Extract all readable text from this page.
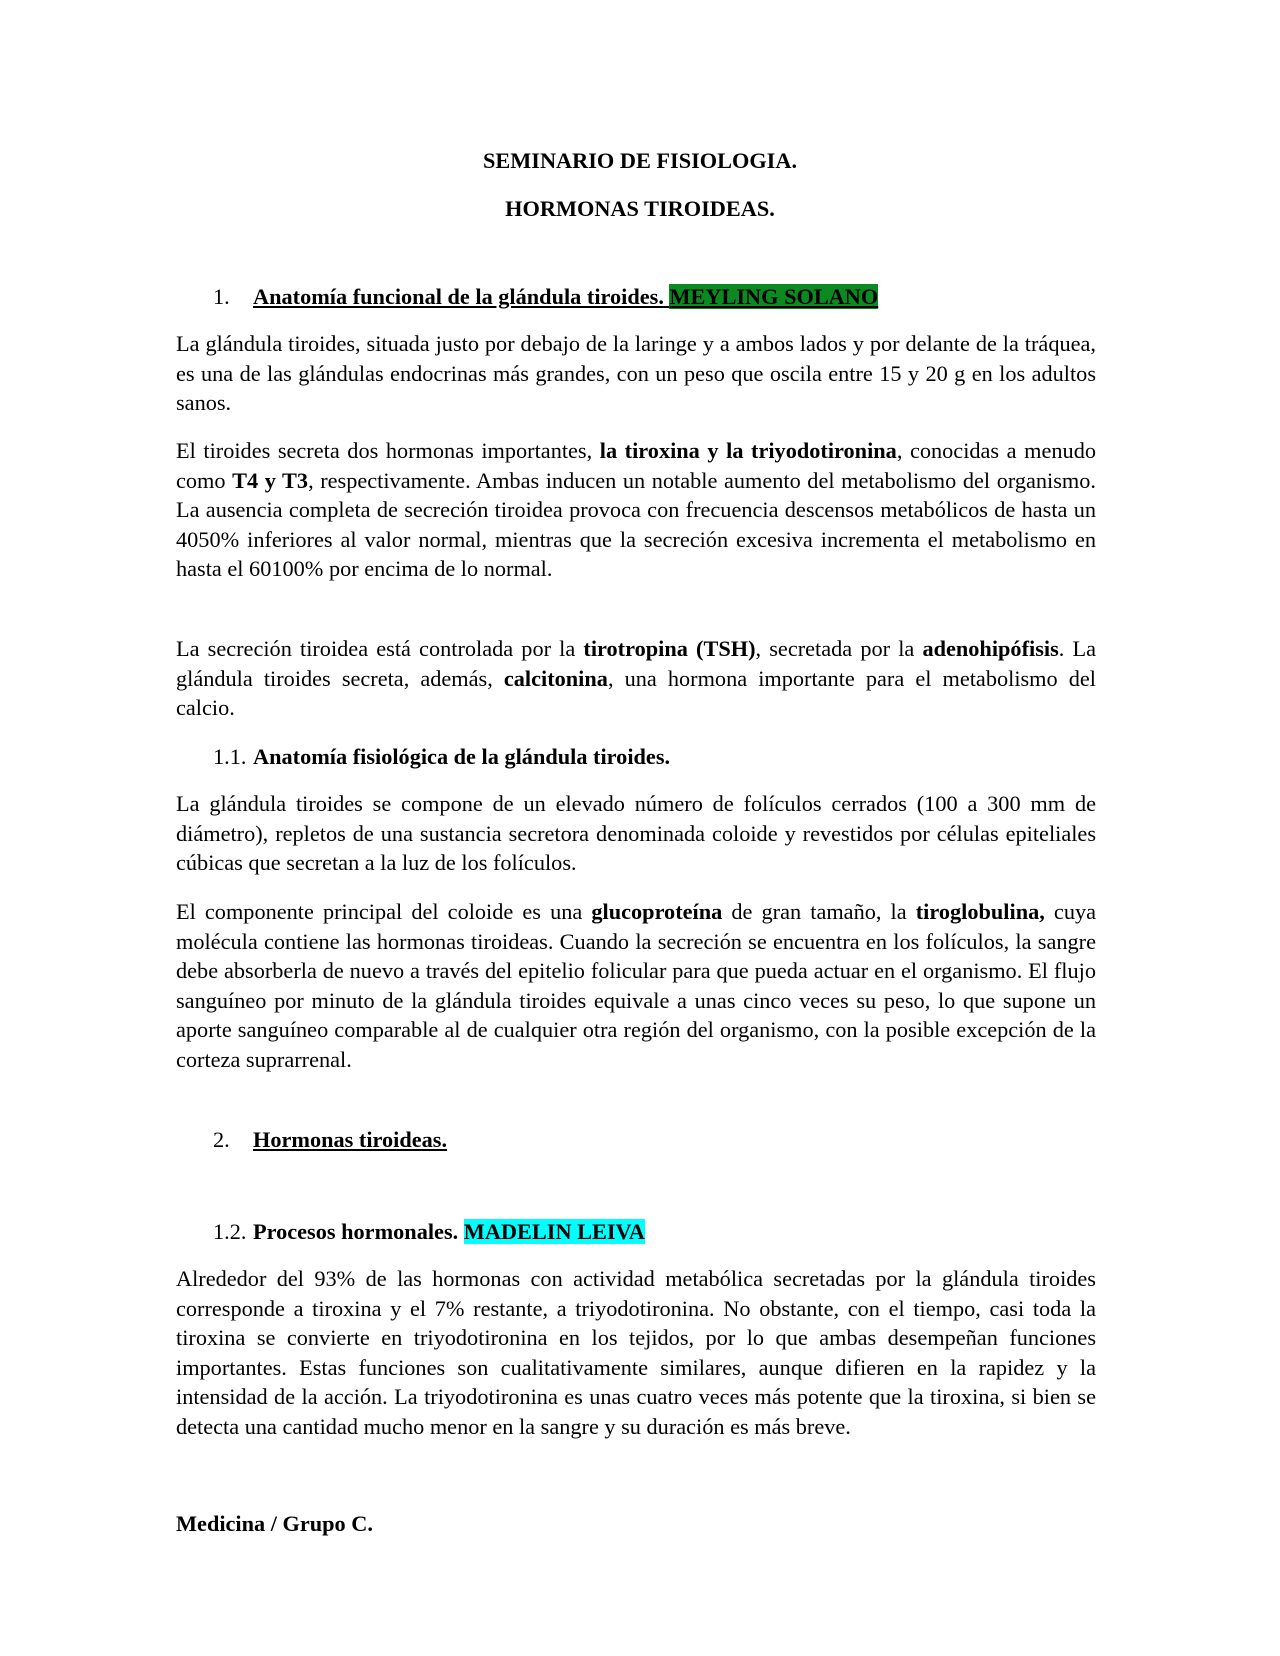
SEMINARIO DE FISIOLOGIA.
HORMONAS TIROIDEAS.
1. Anatomía funcional de la glándula tiroides. MEYLING SOLANO

La glándula tiroides, situada justo por debajo de la laringe y a ambos lados y por delante de la tráquea, es una de las glándulas endocrinas más grandes, con un peso que oscila entre 15 y 20 g en los adultos sanos.

El tiroides secreta dos hormonas importantes, la tiroxina y la triyodotironina, conocidas a menudo como T4 y T3, respectivamente. Ambas inducen un notable aumento del metabolismo del organismo. La ausencia completa de secreción tiroidea provoca con frecuencia descensos metabólicos de hasta un 4050% inferiores al valor normal, mientras que la secreción excesiva incrementa el metabolismo en hasta el 60100% por encima de lo normal.

La secreción tiroidea está controlada por la tirotropina (TSH), secretada por la adenohipófisis. La glándula tiroides secreta, además, calcitonina, una hormona importante para el metabolismo del calcio.

1.1. Anatomía fisiológica de la glándula tiroides.

La glándula tiroides se compone de un elevado número de folículos cerrados (100 a 300 mm de diámetro), repletos de una sustancia secretora denominada coloide y revestidos por células epiteliales cúbicas que secretan a la luz de los folículos.

El componente principal del coloide es una glucoproteína de gran tamaño, la tiroglobulina, cuya molécula contiene las hormonas tiroideas. Cuando la secreción se encuentra en los folículos, la sangre debe absorberla de nuevo a través del epitelio folicular para que pueda actuar en el organismo. El flujo sanguíneo por minuto de la glándula tiroides equivale a unas cinco veces su peso, lo que supone un aporte sanguíneo comparable al de cualquier otra región del organismo, con la posible excepción de la corteza suprarrenal.

2. Hormonas tiroideas.
1.2. Procesos hormonales. MADELIN LEIVA

Alrededor del 93% de las hormonas con actividad metabólica secretadas por la glándula tiroides corresponde a tiroxina y el 7% restante, a triyodotironina. No obstante, con el tiempo, casi toda la tiroxina se convierte en triyodotironina en los tejidos, por lo que ambas desempeñan funciones importantes. Estas funciones son cualitativamente similares, aunque difieren en la rapidez y la intensidad de la acción. La triyodotironina es unas cuatro veces más potente que la tiroxina, si bien se detecta una cantidad mucho menor en la sangre y su duración es más breve.

Medicina / Grupo C.
